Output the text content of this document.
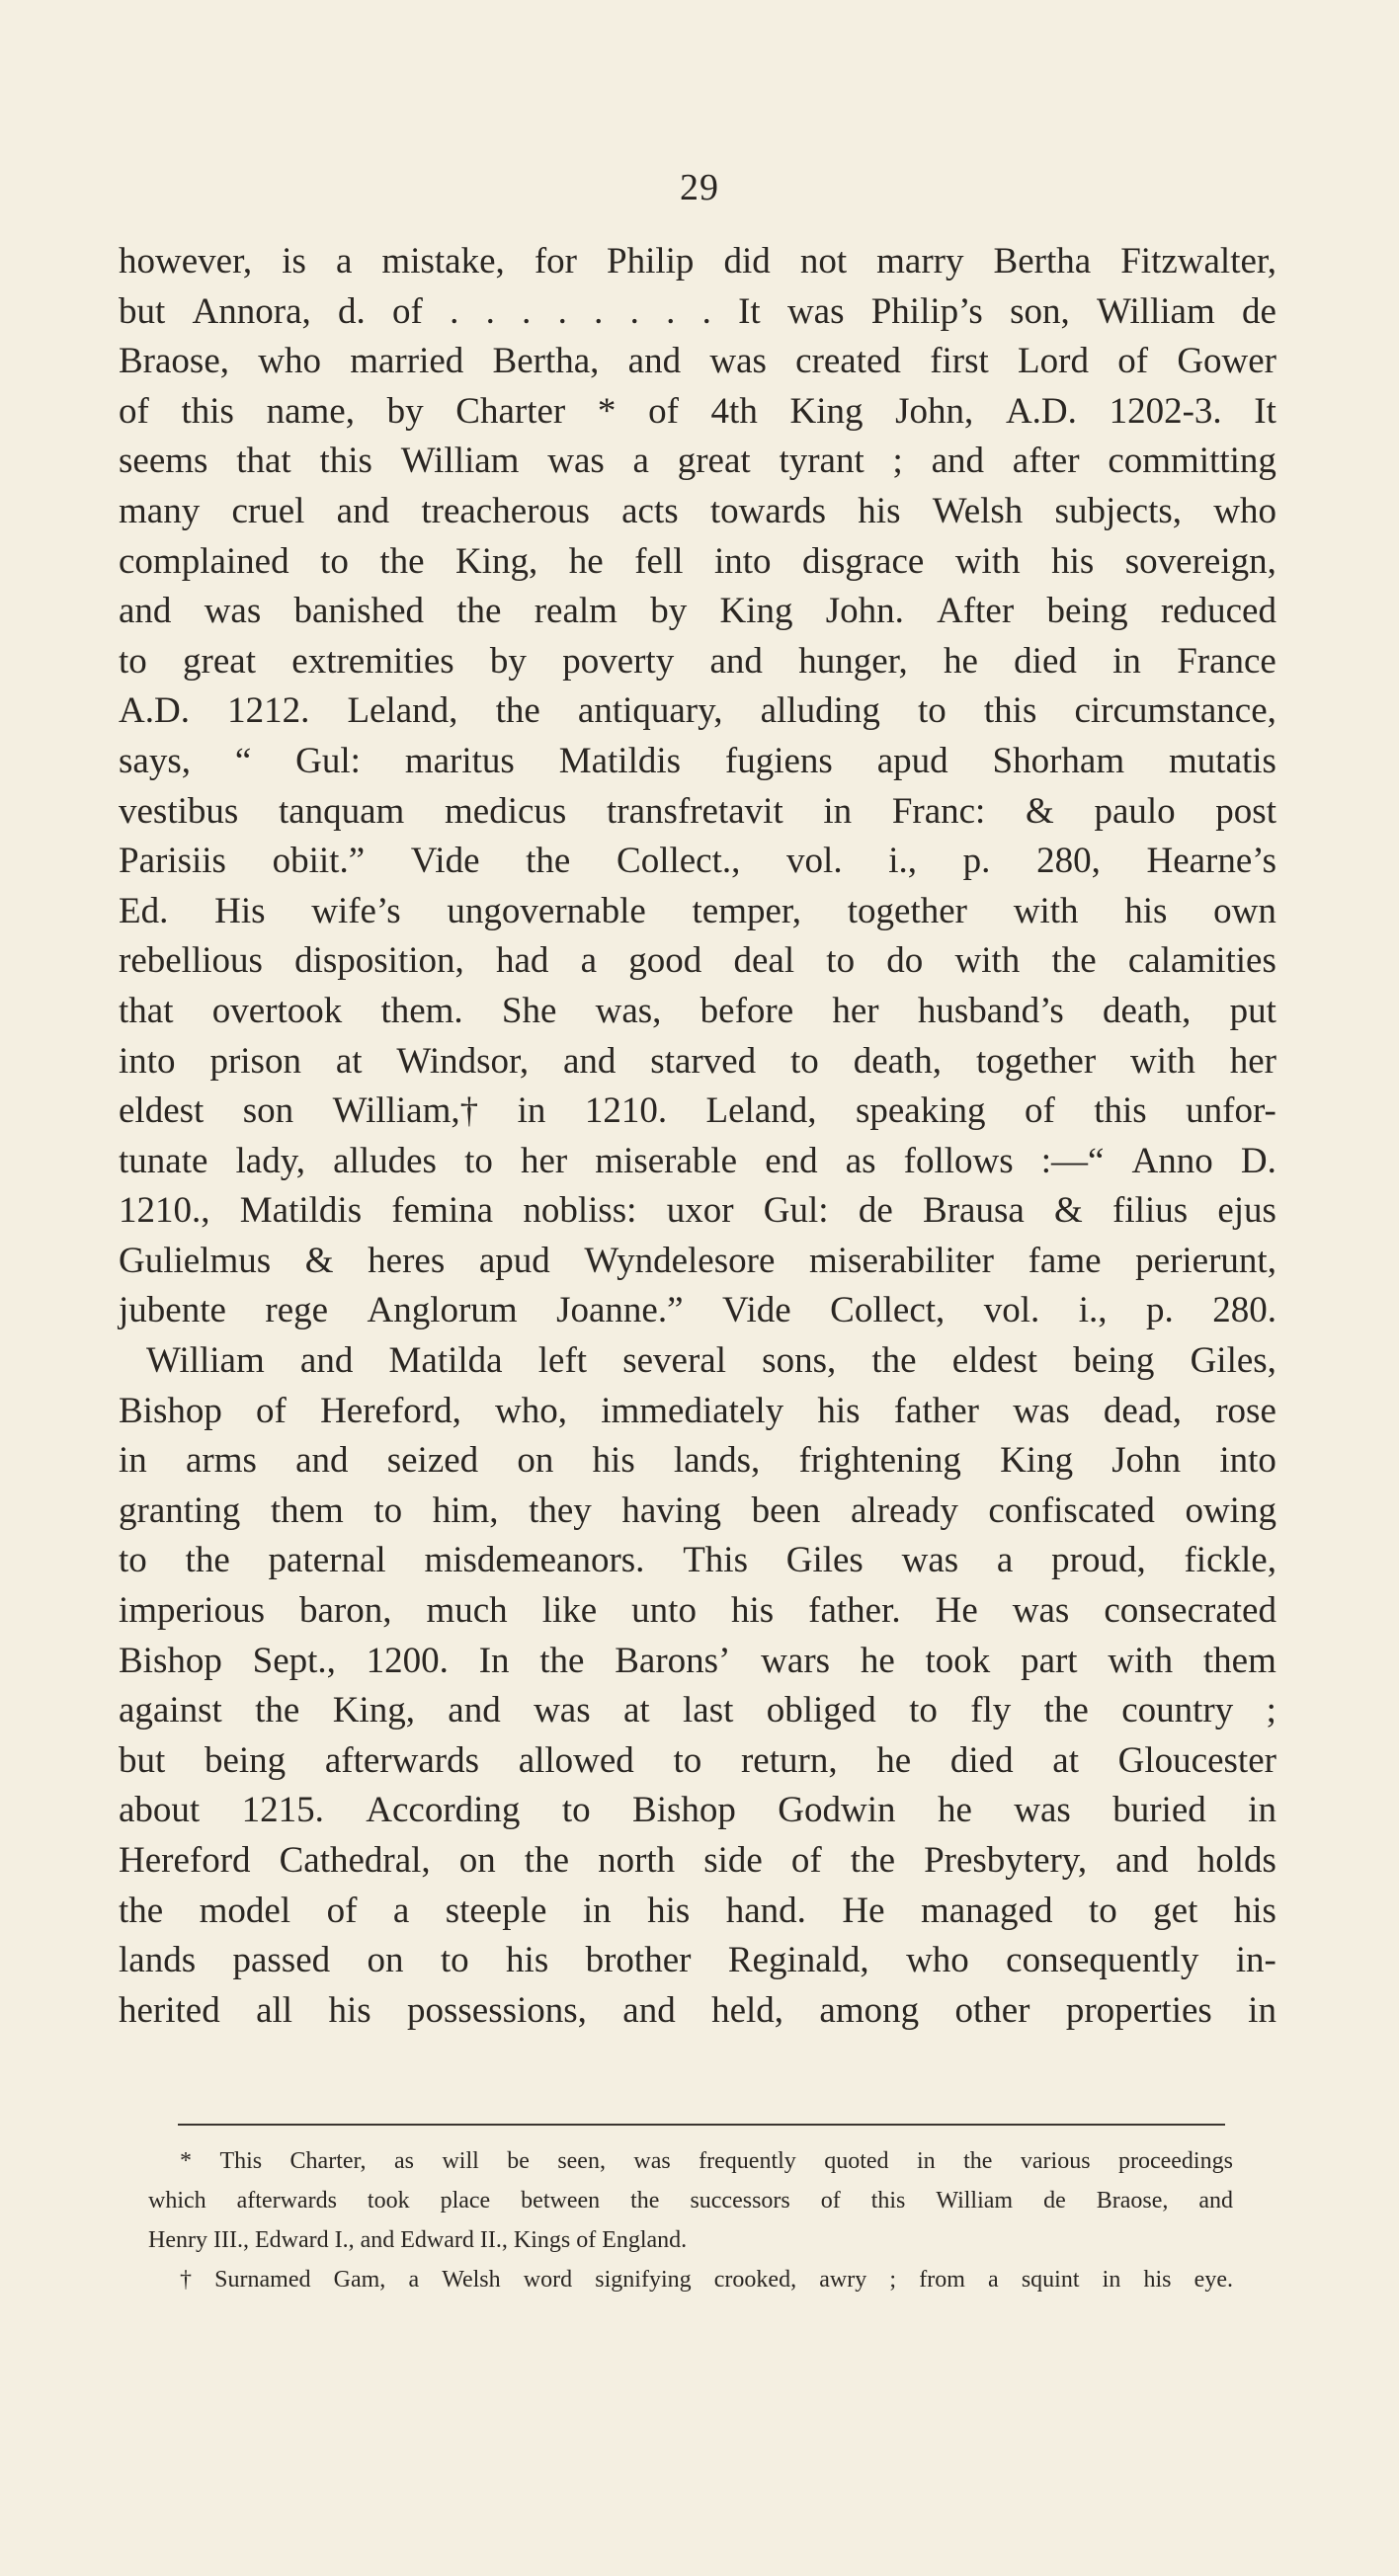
29
however, is a mistake, for Philip did not marry Bertha Fitzwalter,
but Annora, d. of . . . . . . . . It was Philip’s son, William de
Braose, who married Bertha, and was created first Lord of Gower
of this name, by Charter * of 4th King John, A.D. 1202-3. It
seems that this William was a great tyrant ; and after committing
many cruel and treacherous acts towards his Welsh subjects, who
complained to the King, he fell into disgrace with his sovereign,
and was banished the realm by King John. After being reduced
to great extremities by poverty and hunger, he died in France
A.D. 1212. Leland, the antiquary, alluding to this circumstance,
says, “ Gul: maritus Matildis fugiens apud Shorham mutatis
vestibus tanquam medicus transfretavit in Franc: & paulo post
Parisiis obiit.” Vide the Collect., vol. i., p. 280, Hearne’s
Ed. His wife’s ungovernable temper, together with his own
rebellious disposition, had a good deal to do with the calamities
that overtook them. She was, before her husband’s death, put
into prison at Windsor, and starved to death, together with her
eldest son William,† in 1210. Leland, speaking of this unfor-
tunate lady, alludes to her miserable end as follows :—“ Anno D.
1210., Matildis femina nobliss: uxor Gul: de Brausa & filius ejus
Gulielmus & heres apud Wyndelesore miserabiliter fame perierunt,
jubente rege Anglorum Joanne.” Vide Collect, vol. i., p. 280.
William and Matilda left several sons, the eldest being Giles,
Bishop of Hereford, who, immediately his father was dead, rose
in arms and seized on his lands, frightening King John into
granting them to him, they having been already confiscated owing
to the paternal misdemeanors. This Giles was a proud, fickle,
imperious baron, much like unto his father. He was consecrated
Bishop Sept., 1200. In the Barons’ wars he took part with them
against the King, and was at last obliged to fly the country ;
but being afterwards allowed to return, he died at Gloucester
about 1215. According to Bishop Godwin he was buried in
Hereford Cathedral, on the north side of the Presbytery, and holds
the model of a steeple in his hand. He managed to get his
lands passed on to his brother Reginald, who consequently in-
herited all his possessions, and held, among other properties in
* This Charter, as will be seen, was frequently quoted in the various proceedings
which afterwards took place between the successors of this William de Braose, and
Henry III., Edward I., and Edward II., Kings of England.
† Surnamed Gam, a Welsh word signifying crooked, awry ; from a squint in his eye.
